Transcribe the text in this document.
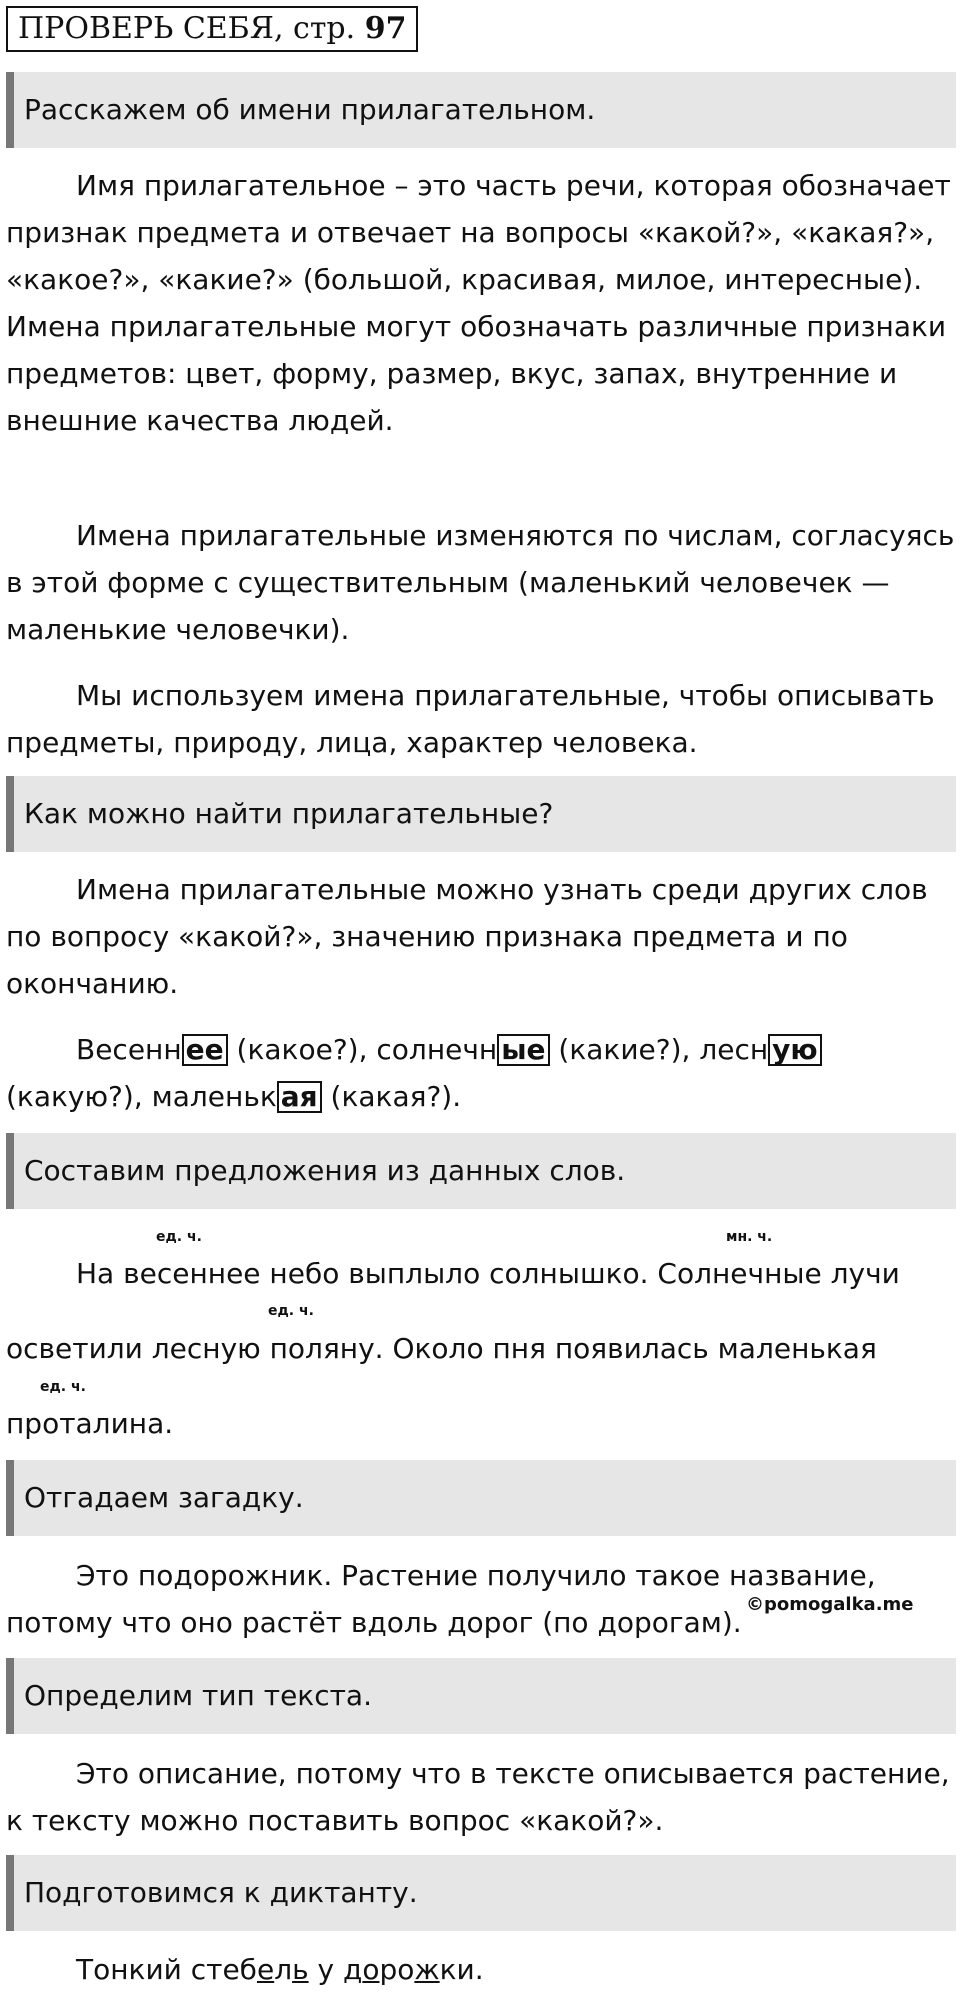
ПРОВЕРЬ СЕБЯ, стр. 97
Расскажем об имени прилагательном.

Имя прилагательное – это часть речи, которая обозначает признак предмета и отвечает на вопросы «какой?», «какая?», «какое?», «какие?» (большой, красивая, милое, интересные). Имена прилагательные могут обозначать различные признаки предметов: цвет, форму, размер, вкус, запах, внутренние и внешние качества людей.

Имена прилагательные изменяются по числам, согласуясь в этой форме с существительным (маленький человечек — маленькие человечки).

Мы используем имена прилагательные, чтобы описывать предметы, природу, лица, характер человека.

Как можно найти прилагательные?

Имена прилагательные можно узнать среди других слов по вопросу «какой?», значению признака предмета и по окончанию.

Весенн ее (какое?), солнечн ые (какие?), лесн ую (какую?), маленьк ая (какая?).

Составим предложения из данных слов.

На весеннее небо выплыло солнышко. Солнечные лучи осветили лесную поляну. Около пня появилась маленькая проталина.

ед. ч.	мн. ч.
ед. ч.
ед. ч.
Отгадаем загадку.

Это подорожник. Растение получило такое название, потому что оно растёт вдоль дорог (по дорогам).

©pomogalka.me
Определим тип текста.

Это описание, потому что в тексте описывается растение, к тексту можно поставить вопрос «какой?».

Подготовимся к диктанту.

Тонкий стебель у дорожки.
